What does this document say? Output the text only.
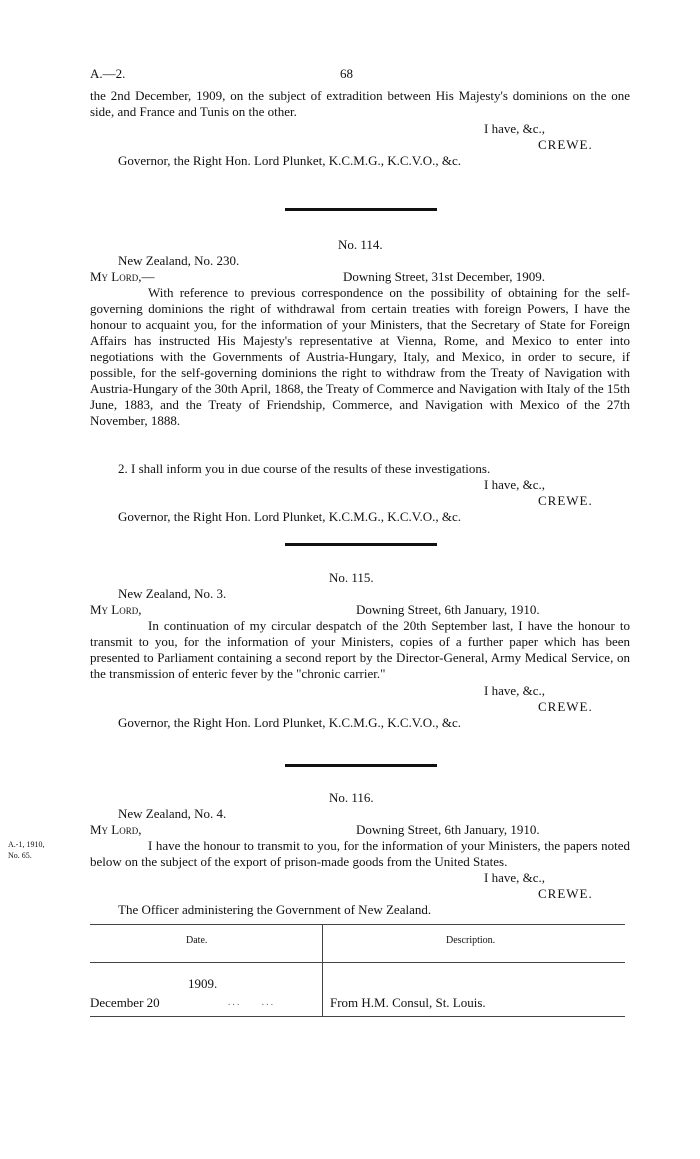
A.—2.	68
the 2nd December, 1909, on the subject of extradition between His Majesty's dominions on the one side, and France and Tunis on the other.
I have, &c.,
CREWE.
Governor, the Right Hon. Lord Plunket, K.C.M.G., K.C.V.O., &c.
No. 114.
New Zealand, No. 230.
My Lord,—	Downing Street, 31st December, 1909.
With reference to previous correspondence on the possibility of obtaining for the self-governing dominions the right of withdrawal from certain treaties with foreign Powers, I have the honour to acquaint you, for the information of your Ministers, that the Secretary of State for Foreign Affairs has instructed His Majesty's representative at Vienna, Rome, and Mexico to enter into negotiations with the Governments of Austria-Hungary, Italy, and Mexico, in order to secure, if possible, for the self-governing dominions the right to withdraw from the Treaty of Navigation with Austria-Hungary of the 30th April, 1868, the Treaty of Commerce and Navigation with Italy of the 15th June, 1883, and the Treaty of Friendship, Commerce, and Navigation with Mexico of the 27th November, 1888.
2. I shall inform you in due course of the results of these investigations.
I have, &c.,
CREWE.
Governor, the Right Hon. Lord Plunket, K.C.M.G., K.C.V.O., &c.
No. 115.
New Zealand, No. 3.
My Lord,	Downing Street, 6th January, 1910.
In continuation of my circular despatch of the 20th September last, I have the honour to transmit to you, for the information of your Ministers, copies of a further paper which has been presented to Parliament containing a second report by the Director-General, Army Medical Service, on the transmission of enteric fever by the "chronic carrier."
I have, &c.,
CREWE.
Governor, the Right Hon. Lord Plunket, K.C.M.G., K.C.V.O., &c.
No. 116.
New Zealand, No. 4.
My Lord,	Downing Street, 6th January, 1910.
A.-1, 1910,
No. 65.
I have the honour to transmit to you, for the information of your Ministers, the papers noted below on the subject of the export of prison-made goods from the United States.
I have, &c.,
CREWE.
The Officer administering the Government of New Zealand.
Date.	Description.
1909.
December 20	. . .          . . .	From H.M. Consul, St. Louis.
